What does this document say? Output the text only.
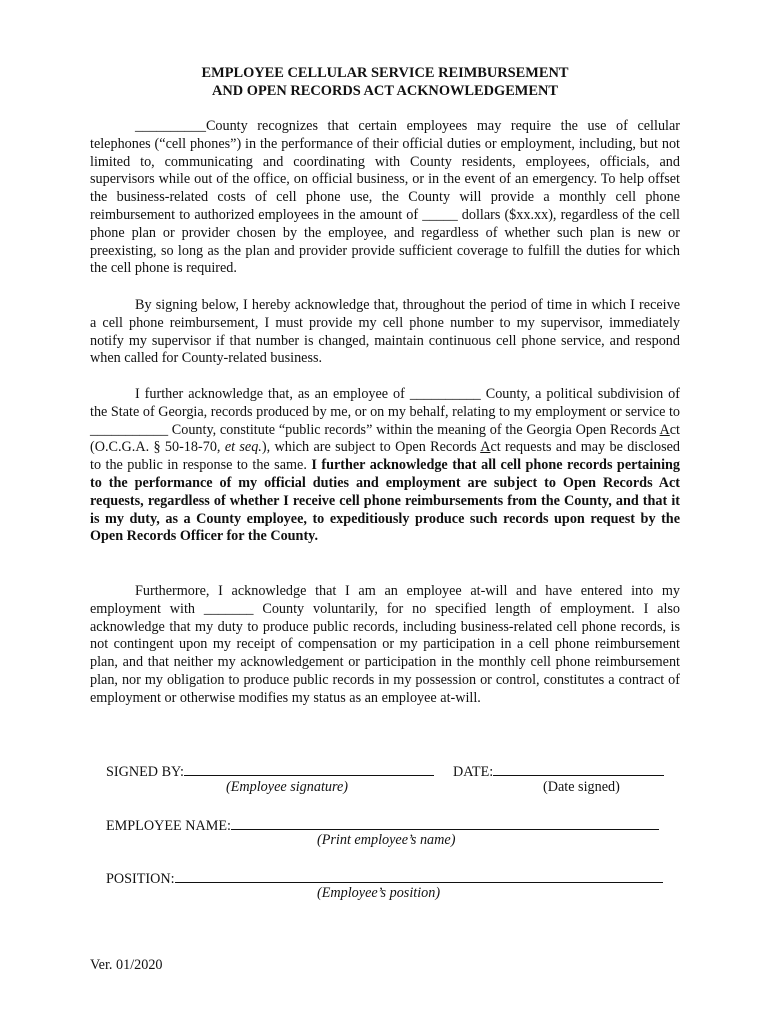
EMPLOYEE CELLULAR SERVICE REIMBURSEMENT
AND OPEN RECORDS ACT ACKNOWLEDGEMENT

__________County recognizes that certain employees may require the use of cellular telephones (“cell phones”) in the performance of their official duties or employment, including, but not limited to, communicating and coordinating with County residents, employees, officials, and supervisors while out of the office, on official business, or in the event of an emergency. To help offset the business-related costs of cell phone use, the County will provide a monthly cell phone reimbursement to authorized employees in the amount of _____ dollars ($xx.xx), regardless of the cell phone plan or provider chosen by the employee, and regardless of whether such plan is new or preexisting, so long as the plan and provider provide sufficient coverage to fulfill the duties for which the cell phone is required.

By signing below, I hereby acknowledge that, throughout the period of time in which I receive a cell phone reimbursement, I must provide my cell phone number to my supervisor, immediately notify my supervisor if that number is changed, maintain continuous cell phone service, and respond when called for County-related business.

I further acknowledge that, as an employee of __________ County, a political subdivision of the State of Georgia, records produced by me, or on my behalf, relating to my employment or service to ___________ County, constitute “public records” within the meaning of the Georgia Open Records Act (O.C.G.A. § 50-18-70, et seq.), which are subject to Open Records Act requests and may be disclosed to the public in response to the same. I further acknowledge that all cell phone records pertaining to the performance of my official duties and employment are subject to Open Records Act requests, regardless of whether I receive cell phone reimbursements from the County, and that it is my duty, as a County employee, to expeditiously produce such records upon request by the Open Records Officer for the County.

Furthermore, I acknowledge that I am an employee at-will and have entered into my employment with _______ County voluntarily, for no specified length of employment. I also acknowledge that my duty to produce public records, including business-related cell phone records, is not contingent upon my receipt of compensation or my participation in a cell phone reimbursement plan, and that neither my acknowledgement or participation in the monthly cell phone reimbursement plan, nor my obligation to produce public records in my possession or control, constitutes a contract of employment or otherwise modifies my status as an employee at-will.

SIGNED BY:	DATE:
(Employee signature)	(Date signed)
EMPLOYEE NAME:
(Print employee’s name)
POSITION:
(Employee’s position)
Ver. 01/2020
